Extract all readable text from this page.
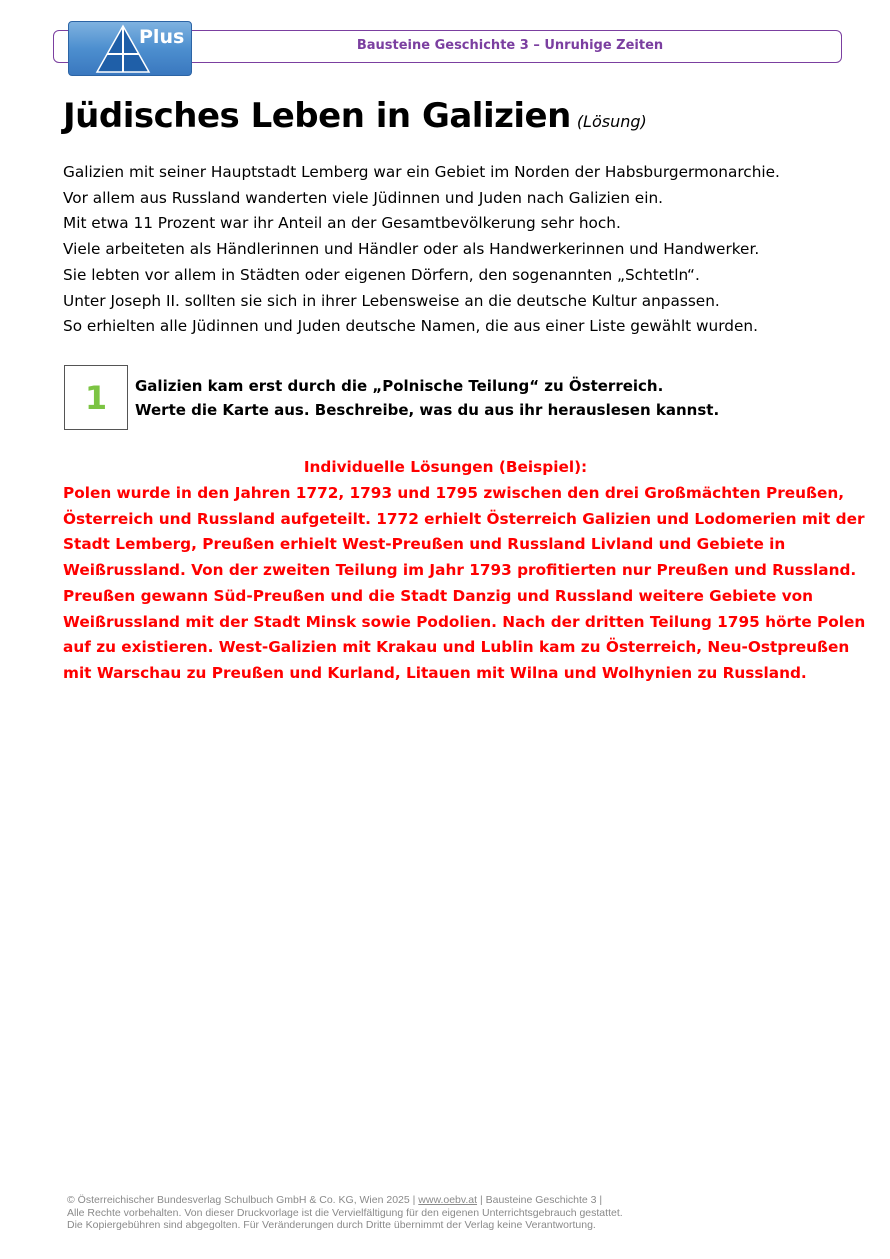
Bausteine Geschichte 3 – Unruhige Zeiten
Plus
Jüdisches Leben in Galizien (Lösung)
Galizien mit seiner Hauptstadt Lemberg war ein Gebiet im Norden der Habsburgermonarchie.
Vor allem aus Russland wanderten viele Jüdinnen und Juden nach Galizien ein.
Mit etwa 11 Prozent war ihr Anteil an der Gesamtbevölkerung sehr hoch.
Viele arbeiteten als Händlerinnen und Händler oder als Handwerkerinnen und Handwerker.
Sie lebten vor allem in Städten oder eigenen Dörfern, den sogenannten „Schtetln“.
Unter Joseph II. sollten sie sich in ihrer Lebensweise an die deutsche Kultur anpassen.
So erhielten alle Jüdinnen und Juden deutsche Namen, die aus einer Liste gewählt wurden.
1 Galizien kam erst durch die „Polnische Teilung“ zu Österreich.
Werte die Karte aus. Beschreibe, was du aus ihr herauslesen kannst.
Individuelle Lösungen (Beispiel):
Polen wurde in den Jahren 1772, 1793 und 1795 zwischen den drei Großmächten Preußen,
Österreich und Russland aufgeteilt. 1772 erhielt Österreich Galizien und Lodomerien mit der
Stadt Lemberg, Preußen erhielt West-Preußen und Russland Livland und Gebiete in
Weißrussland. Von der zweiten Teilung im Jahr 1793 profitierten nur Preußen und Russland.
Preußen gewann Süd-Preußen und die Stadt Danzig und Russland weitere Gebiete von
Weißrussland mit der Stadt Minsk sowie Podolien. Nach der dritten Teilung 1795 hörte Polen
auf zu existieren. West-Galizien mit Krakau und Lublin kam zu Österreich, Neu-Ostpreußen
mit Warschau zu Preußen und Kurland, Litauen mit Wilna und Wolhynien zu Russland.
© Österreichischer Bundesverlag Schulbuch GmbH & Co. KG, Wien 2025 | www.oebv.at | Bausteine Geschichte 3 |
Alle Rechte vorbehalten. Von dieser Druckvorlage ist die Vervielfältigung für den eigenen Unterrichtsgebrauch gestattet.
Die Kopiergebühren sind abgegolten. Für Veränderungen durch Dritte übernimmt der Verlag keine Verantwortung.
